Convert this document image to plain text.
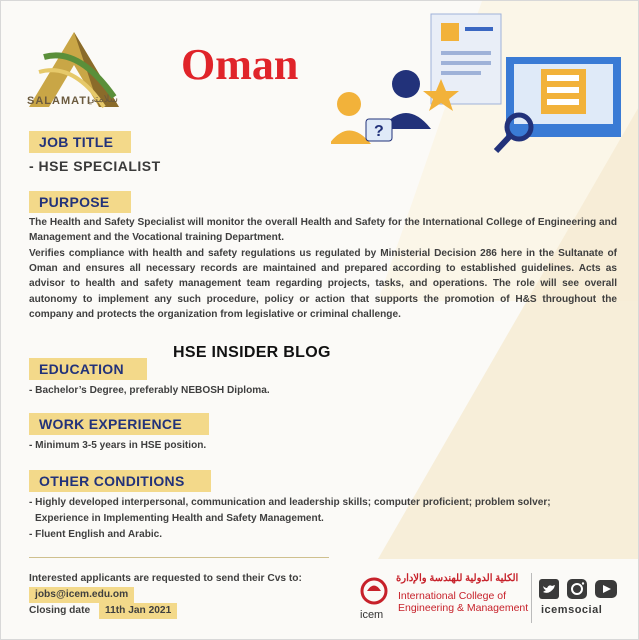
SALAMATI
سلامتي
Oman
?
JOB TITLE
- HSE SPECIALIST
PURPOSE
The Health and Safety Specialist will monitor the overall Health and Safety for the International College of Engineering and Management and the Vocational training Department.
Verifies compliance with health and safety regulations us regulated by Ministerial Decision 286 here in the Sultanate of Oman and ensures all necessary records are maintained and prepared according to established guidelines. Acts as advisor to health and safety management team regarding projects, tasks, and operations. The role will see overall autonomy to implement any such procedure, policy or action that supports the promotion of H&S throughout the company and protects the organization from legislative or criminal challenge.
HSE INSIDER BLOG
EDUCATION
- Bachelor’s Degree, preferably NEBOSH Diploma.
WORK EXPERIENCE
- Minimum 3-5 years in HSE position.
OTHER CONDITIONS
- Highly developed interpersonal, communication and leadership skills; computer proficient; problem solver;
Experience in Implementing Health and Safety Management.
- Fluent English and Arabic.
Interested applicants are requested to send their Cvs to:
jobs@icem.edu.om
Closing date	11th Jan 2021	icem
الكلية الدولية للهندسة والإدارة
International College of
Engineering & Management icemsocial
